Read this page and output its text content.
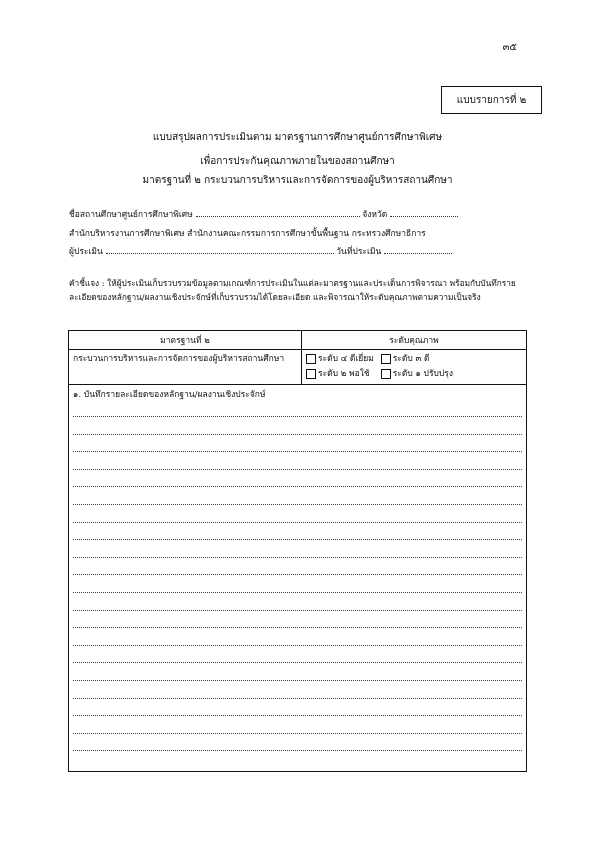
๓๕
แบบรายการที่ ๒
แบบสรุปผลการประเมินตาม มาตรฐานการศึกษาศูนย์การศึกษาพิเศษ
เพื่อการประกันคุณภาพภายในของสถานศึกษา
มาตรฐานที่ ๒ กระบวนการบริหารและการจัดการของผู้บริหารสถานศึกษา
ชื่อสถานศึกษาศูนย์การศึกษาพิเศษ	จังหวัด
สำนักบริหารงานการศึกษาพิเศษ สำนักงานคณะกรรมการการศึกษาขั้นพื้นฐาน กระทรวงศึกษาธิการ
ผู้ประเมิน	วันที่ประเมิน
คำชี้แจง : ให้ผู้ประเมินเก็บรวบรวมข้อมูลตามเกณฑ์การประเมินในแต่ละมาตรฐานและประเด็นการพิจารณา พร้อมกับบันทึกรายละเอียดของหลักฐาน/ผลงานเชิงประจักษ์ที่เก็บรวบรวมได้โดยละเอียด และพิจารณาให้ระดับคุณภาพตามความเป็นจริง
มาตรฐานที่ ๒	ระดับคุณภาพ
กระบวนการบริหารและการจัดการของผู้บริหารสถานศึกษา	ระดับ ๔ ดีเยี่ยม ระดับ ๓ ดี
ระดับ ๒ พอใช้ ระดับ ๑ ปรับปรุง

๑. บันทึกรายละเอียดของหลักฐาน/ผลงานเชิงประจักษ์	
